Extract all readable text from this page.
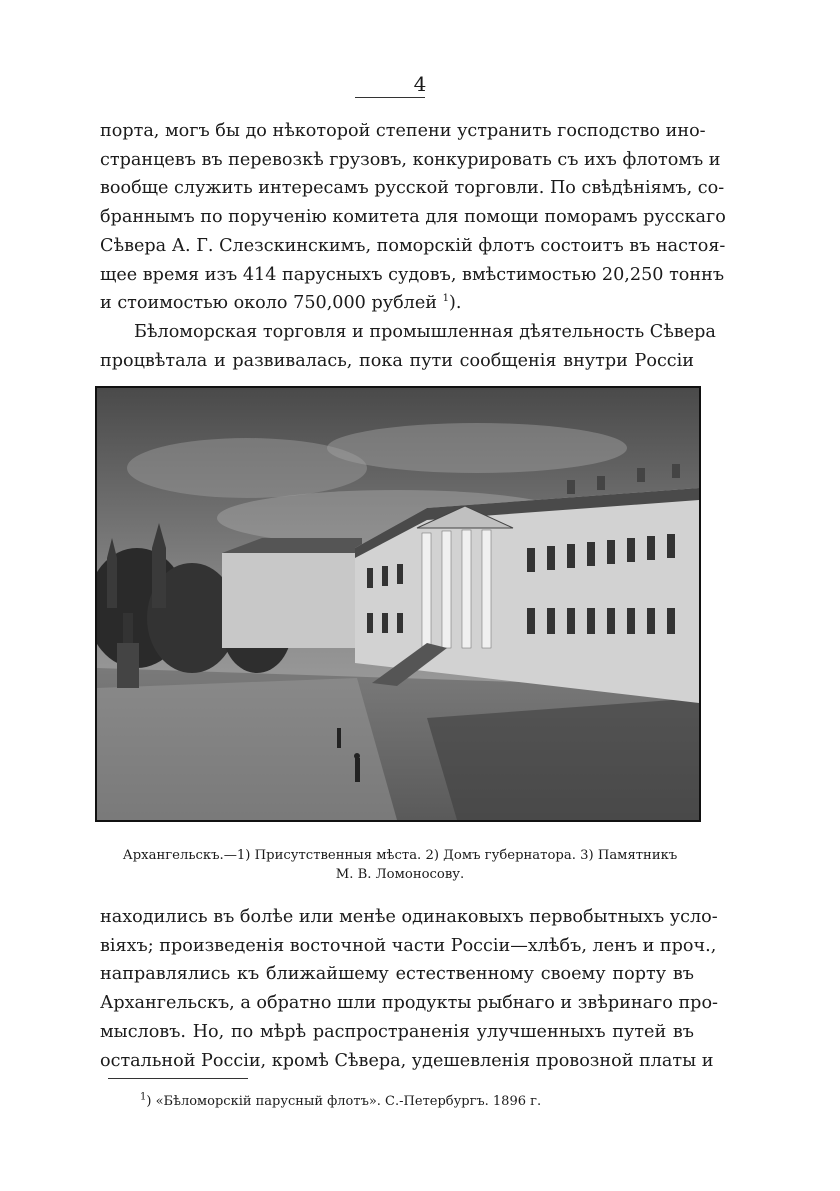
4
порта, могъ бы до нѣкоторой степени устранить господство ино-
странцевъ въ перевозкѣ грузовъ, конкурировать съ ихъ флотомъ и
вообще служить интересамъ русской торговли. По свѣдѣніямъ, со-
браннымъ по порученію комитета для помощи поморамъ русскаго
Сѣвера А. Г. Слезскинскимъ, поморскій флотъ состоитъ въ настоя-
щее время изъ 414 парусныхъ судовъ, вмѣстимостью 20,250 тоннъ
и стоимостью около 750,000 рублей $^1$).
Бѣломорская торговля и промышленная дѣятельность Сѣвера
процвѣтала и развивалась, пока пути сообщенія внутри Россіи
Архангельскъ.—1) Присутственныя мѣста. 2) Домъ губернатора. 3) Памятникъ
М. В. Ломоносову.
находились въ болѣе или менѣе одинаковыхъ первобытныхъ усло-
віяхъ; произведенія восточной части Россіи—хлѣбъ, ленъ и проч.,
направлялись къ ближайшему естественному своему порту въ
Архангельскъ, а обратно шли продукты рыбнаго и звѣринаго про-
мысловъ. Но, по мѣрѣ распространенія улучшенныхъ путей въ
остальной Россіи, кромѣ Сѣвера, удешевленія провозной платы и
$^1$) «Бѣломорскій парусный флотъ». С.-Петербургъ. 1896 г.
